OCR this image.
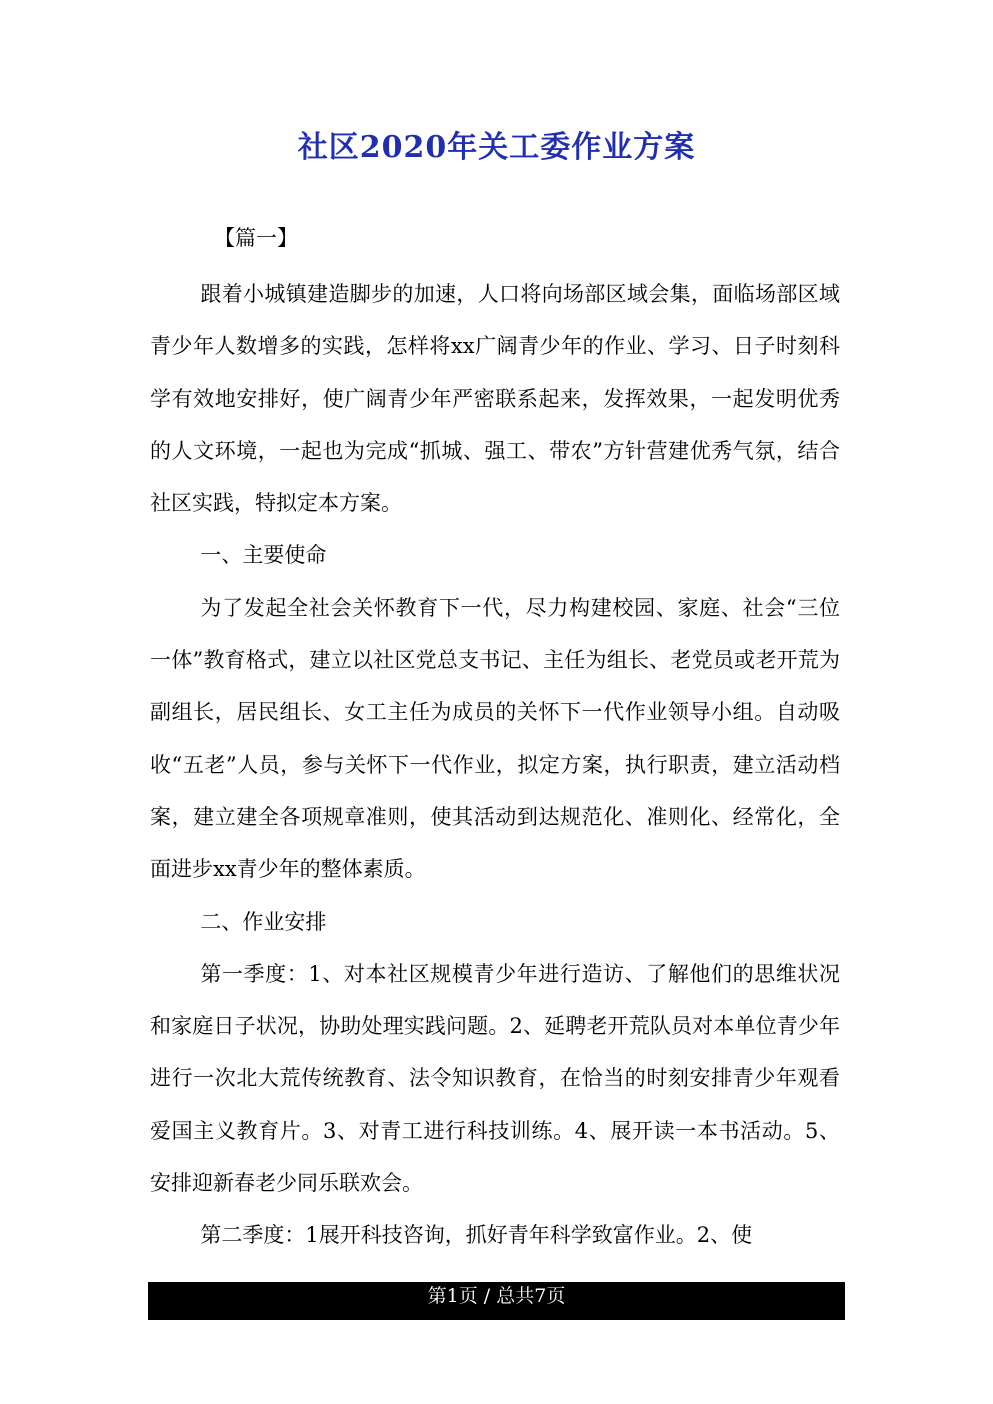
社区2020年关工委作业方案
【篇一】

跟着小城镇建造脚步的加速，人口将向场部区域会集，面临场部区域青少年人数增多的实践，怎样将xx广阔青少年的作业、学习、日子时刻科学有效地安排好，使广阔青少年严密联系起来，发挥效果，一起发明优秀的人文环境，一起也为完成“抓城、强工、带农”方针营建优秀气氛，结合社区实践，特拟定本方案。

一、主要使命

为了发起全社会关怀教育下一代，尽力构建校园、家庭、社会“三位一体”教育格式，建立以社区党总支书记、主任为组长、老党员或老开荒为副组长，居民组长、女工主任为成员的关怀下一代作业领导小组。自动吸收“五老”人员，参与关怀下一代作业，拟定方案，执行职责，建立活动档案，建立建全各项规章准则，使其活动到达规范化、准则化、经常化，全面进步xx青少年的整体素质。

二、作业安排

第一季度：1、对本社区规模青少年进行造访、了解他们的思维状况和家庭日子状况，协助处理实践问题。2、延聘老开荒队员对本单位青少年进行一次北大荒传统教育、法令知识教育，在恰当的时刻安排青少年观看爱国主义教育片。3、对青工进行科技训练。4、展开读一本书活动。5、安排迎新春老少同乐联欢会。

第二季度：1展开科技咨询，抓好青年科学致富作业。2、使

第1页 / 总共7页
